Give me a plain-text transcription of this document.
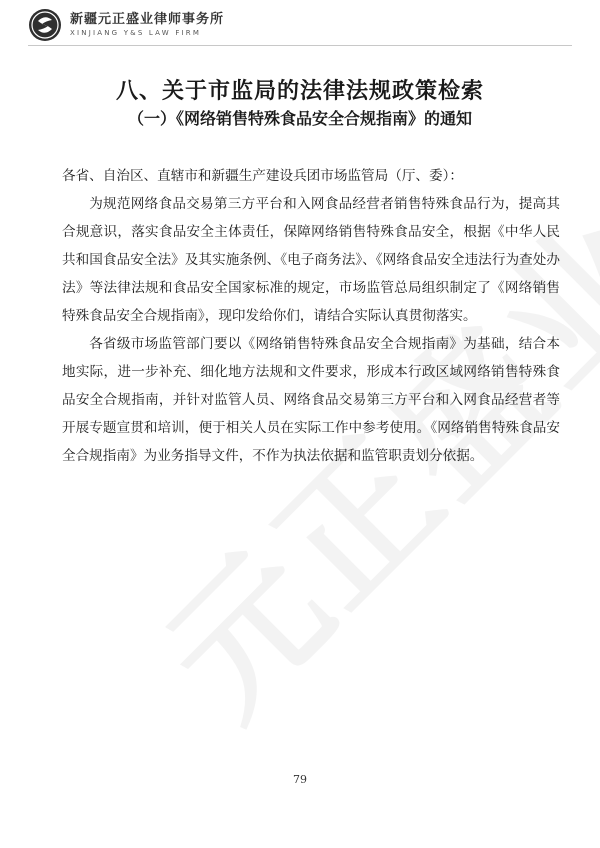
新疆元正盛业律师事务所
XINJIANG Y&S LAW FIRM
八、关于市监局的法律法规政策检索
（一）《网络销售特殊食品安全合规指南》的通知

各省、自治区、直辖市和新疆生产建设兵团市场监管局（厅、委）：

为规范网络食品交易第三方平台和入网食品经营者销售特殊食品行为，提高其合规意识，落实食品安全主体责任，保障网络销售特殊食品安全，根据《中华人民共和国食品安全法》及其实施条例、《电子商务法》、《网络食品安全违法行为查处办法》等法律法规和食品安全国家标准的规定，市场监管总局组织制定了《网络销售特殊食品安全合规指南》，现印发给你们，请结合实际认真贯彻落实。

各省级市场监管部门要以《网络销售特殊食品安全合规指南》为基础，结合本地实际，进一步补充、细化地方法规和文件要求，形成本行政区域网络销售特殊食品安全合规指南，并针对监管人员、网络食品交易第三方平台和入网食品经营者等开展专题宣贯和培训，便于相关人员在实际工作中参考使用。《网络销售特殊食品安全合规指南》为业务指导文件，不作为执法依据和监管职责划分依据。

79
